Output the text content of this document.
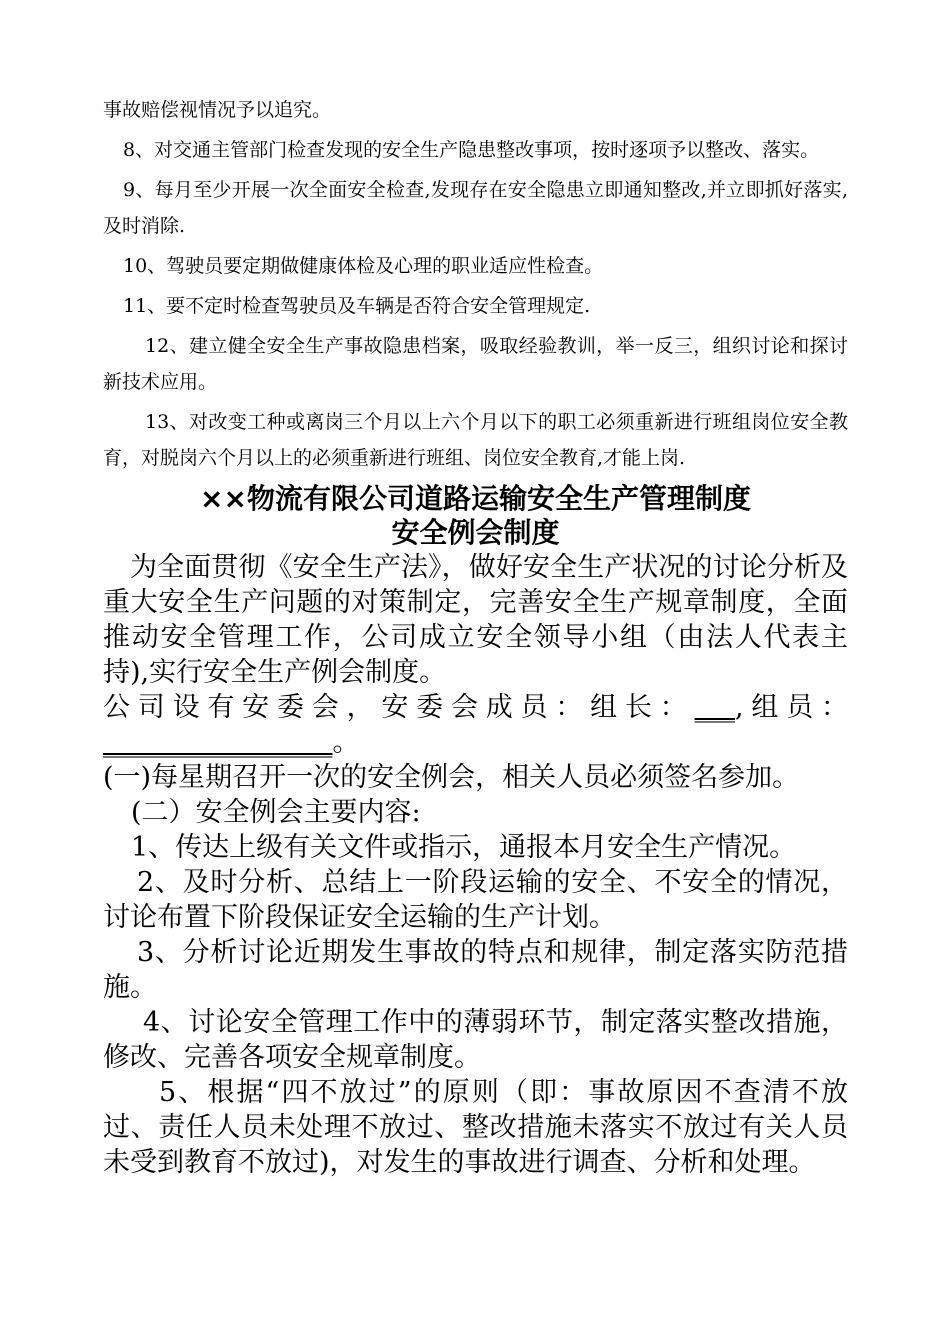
事故赔偿视情况予以追究。

8、对交通主管部门检查发现的安全生产隐患整改事项，按时逐项予以整改、落实。

9、每月至少开展一次全面安全检查,发现存在安全隐患立即通知整改,并立即抓好落实,及时消除.

10、驾驶员要定期做健康体检及心理的职业适应性检查。

11、要不定时检查驾驶员及车辆是否符合安全管理规定.

12、建立健全安全生产事故隐患档案，吸取经验教训，举一反三，组织讨论和探讨新技术应用。

13、对改变工种或离岗三个月以上六个月以下的职工必须重新进行班组岗位安全教育，对脱岗六个月以上的必须重新进行班组、岗位安全教育,才能上岗.

××物流有限公司道路运输安全生产管理制度
安全例会制度

为全面贯彻《安全生产法》，做好安全生产状况的讨论分析及重大安全生产问题的对策制定，完善安全生产规章制度，全面推动安全管理工作，公司成立安全领导小组（由法人代表主持),实行安全生产例会制度。

公司设有安委会，安委会成员：组长：___,组员：_________________。

(一)每星期召开一次的安全例会，相关人员必须签名参加。

(二）安全例会主要内容:

1、传达上级有关文件或指示，通报本月安全生产情况。

2、及时分析、总结上一阶段运输的安全、不安全的情况，讨论布置下阶段保证安全运输的生产计划。

3、分析讨论近期发生事故的特点和规律，制定落实防范措施。

4、讨论安全管理工作中的薄弱环节，制定落实整改措施，修改、完善各项安全规章制度。

5、根据“四不放过”的原则（即：事故原因不查清不放过、责任人员未处理不放过、整改措施未落实不放过有关人员未受到教育不放过)，对发生的事故进行调查、分析和处理。
